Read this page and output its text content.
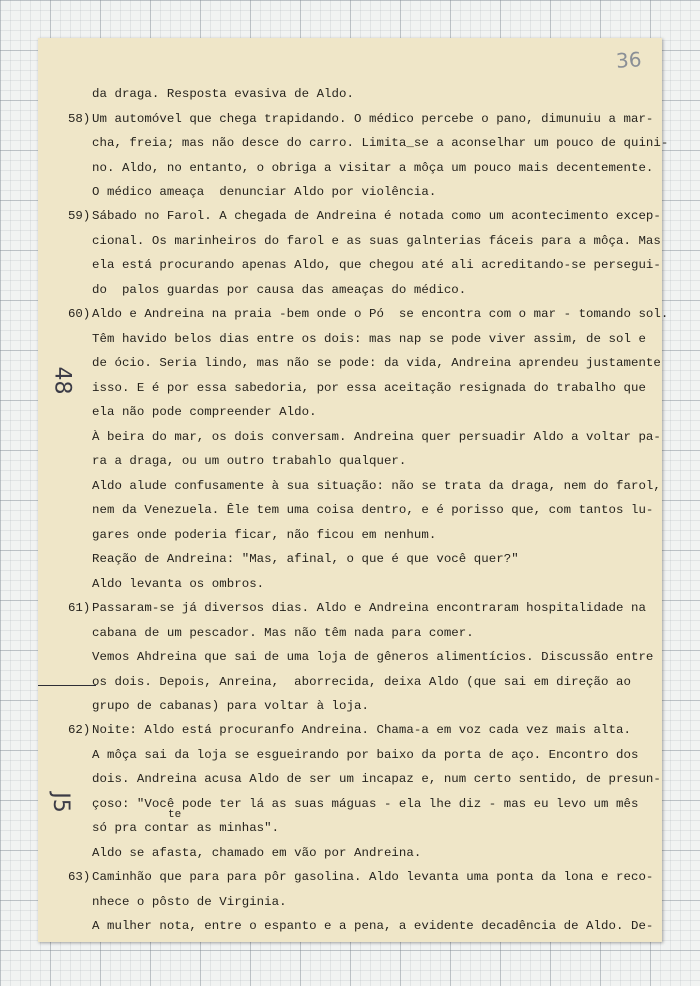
36
48
J5

da draga. Resposta evasiva de Aldo.

58) Um automóvel que chega trapidando. O médico percebe o pano, dimunuiu a mar-

cha, freia; mas não desce do carro. Limita_se a aconselhar um pouco de quini-

no. Aldo, no entanto, o obriga a visitar a môça um pouco mais decentemente.

O médico ameaça  denunciar Aldo por violência.

59) Sábado no Farol. A chegada de Andreina é notada como um acontecimento excep-

cional. Os marinheiros do farol e as suas galnterias fáceis para a môça. Mas

ela está procurando apenas Aldo, que chegou até ali acreditando-se persegui-

do  palos guardas por causa das ameaças do médico.

60) Aldo e Andreina na praia -bem onde o Pó  se encontra com o mar - tomando sol.

Têm havido belos dias entre os dois: mas nap se pode viver assim, de sol e

de ócio. Seria lindo, mas não se pode: da vida, Andreina aprendeu justamente

isso. E é por essa sabedoria, por essa aceitação resignada do trabalho que

ela não pode compreender Aldo.

À beira do mar, os dois conversam. Andreina quer persuadir Aldo a voltar pa-

ra a draga, ou um outro trabahlo qualquer.

Aldo alude confusamente à sua situação: não se trata da draga, nem do farol,

nem da Venezuela. Êle tem uma coisa dentro, e é porisso que, com tantos lu-

gares onde poderia ficar, não ficou em nenhum.

Reação de Andreina: "Mas, afinal, o que é que você quer?"

Aldo levanta os ombros.

61) Passaram-se já diversos dias. Aldo e Andreina encontraram hospitalidade na

cabana de um pescador. Mas não têm nada para comer.

Vemos Ahdreina que sai de uma loja de gêneros alimentícios. Discussão entre

os dois. Depois, Anreina,  aborrecida, deixa Aldo (que sai em direção ao

grupo de cabanas) para voltar à loja.

62) Noite: Aldo está procuranfo Andreina. Chama-a em voz cada vez mais alta.

A môça sai da loja se esgueirando por baixo da porta de aço. Encontro dos

dois. Andreina acusa Aldo de ser um incapaz e, num certo sentido, de presun-

çoso: "Você pode ter lá as suas máguas - ela lhe diz - mas eu levo um mês

te

só pra contar as minhas".

Aldo se afasta, chamado em vão por Andreina.

63) Caminhão que para para pôr gasolina. Aldo levanta uma ponta da lona e reco-

nhece o pôsto de Virginia.

A mulher nota, entre o espanto e a pena, a evidente decadência de Aldo. De-
